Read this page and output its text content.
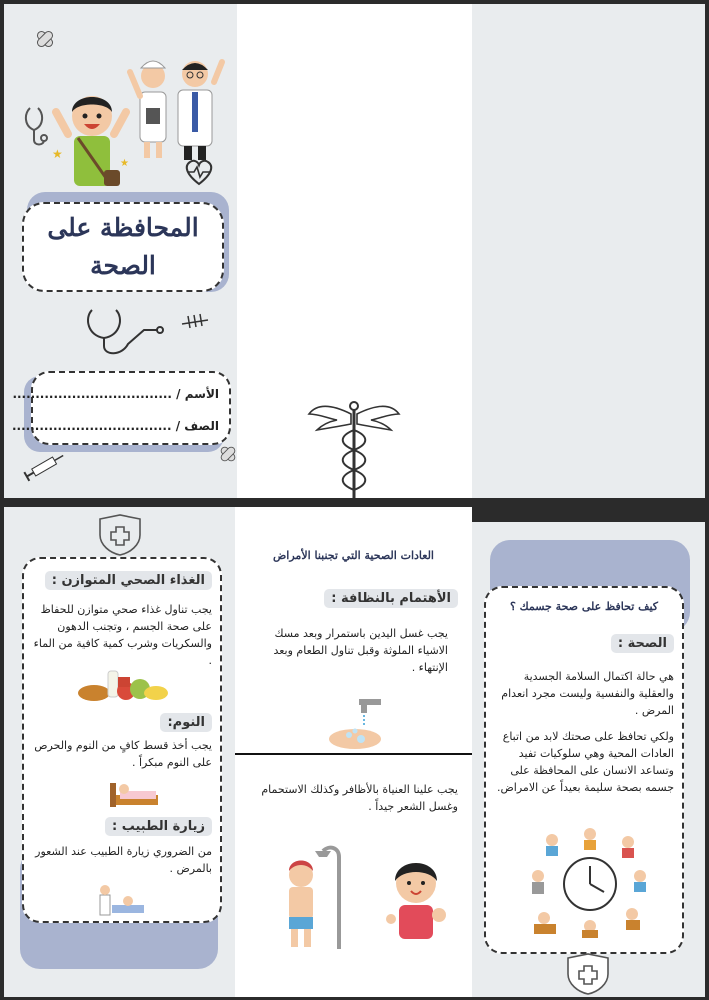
★
★
المحافظة على
الصحة
الأسم / ...................................
الصف / ...................................
الغذاء الصحي المتوازن :

يجب تناول غذاء صحي متوازن للحفاظ على صحة الجسم ، وتجنب الدهون والسكريات وشرب كمية كافية من الماء .

النوم:

يجب أخذ قسط كافٍ من النوم والحرص على النوم مبكراً .

زيارة الطبيب :

من الضروري زيارة الطبيب عند الشعور بالمرض .

العادات الصحية التي تجنبنا الأمراض
الأهتمام بالنظافة :

يجب غسل اليدين باستمرار وبعد مسك الاشياء الملوثة وقبل تناول الطعام وبعد الإنتهاء .

يجب علينا العنياة بالأظافر وكذلك الاستحمام وغسل الشعر جيداً .

كيف تحافظ على صحة جسمك ؟
الصحة :

هي حالة اكتمال السلامة الجسدية والعقلية والنفسية وليست مجرد انعدام المرض .

ولكي تحافظ على صحتك لابد من اتباع العادات المحية وهي سلوكيات تفيد وتساعد الانسان على المحافظة على جسمه بصحة سليمة بعيداً عن الامراض.
